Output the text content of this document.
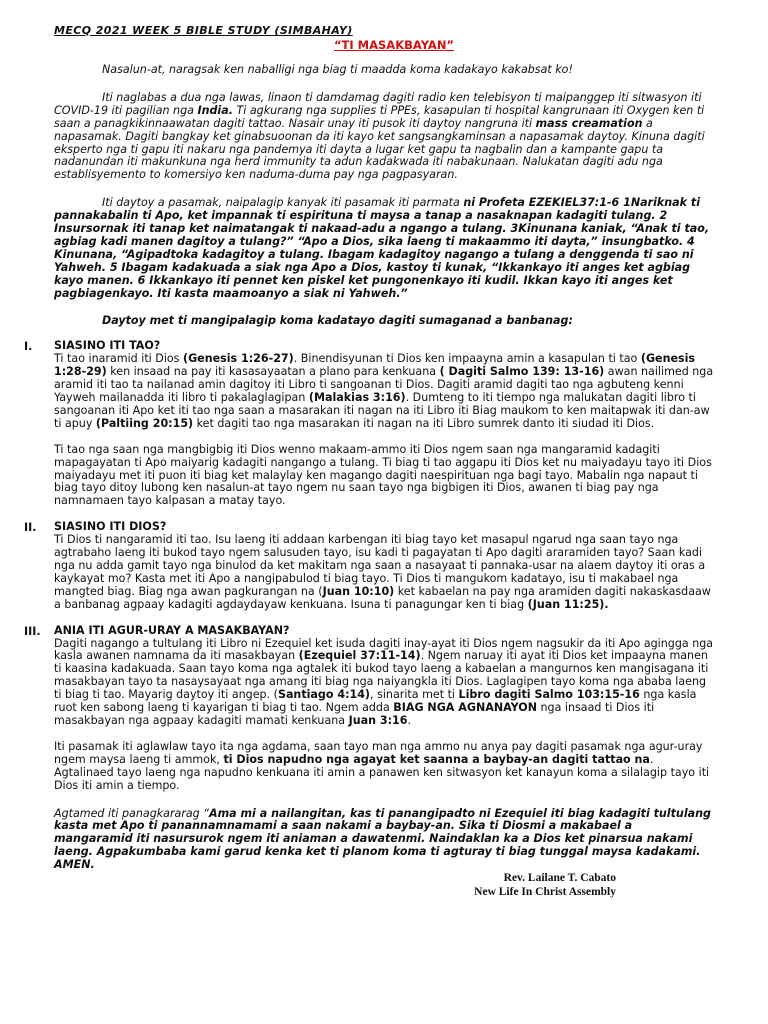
MECQ 2021 WEEK 5 BIBLE STUDY (SIMBAHAY)
“TI MASAKBAYAN”

Nasalun-at, naragsak ken naballigi nga biag ti maadda koma kadakayo kakabsat ko!

Iti naglabas a dua nga lawas, linaon ti damdamag dagiti radio ken telebisyon ti maipanggep iti sitwasyon iti COVID-19 iti pagilian nga India. Ti agkurang nga supplies ti PPEs, kasapulan ti hospital kangrunaan iti Oxygen ken ti saan a panagkikinnaawatan dagiti tattao. Nasair unay iti pusok iti daytoy nangruna iti mass creamation a napasamak. Dagiti bangkay ket ginabsuoonan da iti kayo ket sangsangkaminsan a napasamak daytoy. Kinuna dagiti eksperto nga ti gapu iti nakaru nga pandemya iti dayta a lugar ket gapu ta nagbalin dan a kampante gapu ta nadanundan iti makunkuna nga herd immunity ta adun kadakwada iti nabakunaan. Nalukatan dagiti adu nga establisyemento to komersiyo ken naduma-duma pay nga pagpasyaran.

Iti daytoy a pasamak, naipalagip kanyak iti pasamak iti parmata ni Profeta EZEKIEL37:1-6 1Nariknak ti pannakabalin ti Apo, ket impannak ti espirituna ti maysa a tanap a nasaknapan kadagiti tulang. 2 Insursornak iti tanap ket naimatangak ti nakaad-adu a ngango a tulang. 3Kinunana kaniak, “Anak ti tao, agbiag kadi manen dagitoy a tulang?” “Apo a Dios, sika laeng ti makaammo iti dayta,” insungbatko. 4 Kinunana, “Agipadtoka kadagitoy a tulang. Ibagam kadagitoy nagango a tulang a denggenda ti sao ni Yahweh. 5 Ibagam kadakuada a siak nga Apo a Dios, kastoy ti kunak, “Ikkankayo iti anges ket agbiag kayo manen. 6 Ikkankayo iti pennet ken piskel ket pungonenkayo iti kudil. Ikkan kayo iti anges ket pagbiagenkayo. Iti kasta maamoanyo a siak ni Yahweh.”

Daytoy met ti mangipalagip koma kadatayo dagiti sumaganad a banbanag:

I. SIASINO ITI TAO?

Ti tao inaramid iti Dios (Genesis 1:26-27). Binendisyunan ti Dios ken impaayna amin a kasapulan ti tao (Genesis 1:28-29) ken insaad na pay iti kasasayaatan a plano para kenkuana ( Dagiti Salmo 139: 13-16) awan nailimed nga aramid iti tao ta nailanad amin dagitoy iti Libro ti sangoanan ti Dios. Dagiti aramid dagiti tao nga agbuteng kenni Yayweh mailanadda iti libro ti pakalaglagipan (Malakias 3:16). Dumteng to iti tiempo nga malukatan dagiti libro ti sangoanan iti Apo ket iti tao nga saan a masarakan iti nagan na iti Libro iti Biag maukom to ken maitapwak iti dan-aw ti apuy (Paltiing 20:15) ket dagiti tao nga masarakan iti nagan na iti Libro sumrek danto iti siudad iti Dios.

Ti tao nga saan nga mangbigbig iti Dios wenno makaam-ammo iti Dios ngem saan nga mangaramid kadagiti mapagayatan ti Apo maiyarig kadagiti nangango a tulang. Ti biag ti tao aggapu iti Dios ket nu maiyadayu tayo iti Dios maiyadayu met iti puon iti biag ket malaylay ken magango dagiti naespirituan nga bagi tayo. Mabalin nga napaut ti biag tayo ditoy lubong ken nasalun-at tayo ngem nu saan tayo nga bigbigen iti Dios, awanen ti biag pay nga namnamaen tayo kalpasan a matay tayo.

II. SIASINO ITI DIOS?

Ti Dios ti nangaramid iti tao. Isu laeng iti addaan karbengan iti biag tayo ket masapul ngarud nga saan tayo nga agtrabaho laeng iti bukod tayo ngem salusuden tayo, isu kadi ti pagayatan ti Apo dagiti araramiden tayo? Saan kadi nga nu adda gamit tayo nga binulod da ket makitam nga saan a nasayaat ti pannaka-usar na alaem daytoy iti oras a kaykayat mo? Kasta met iti Apo a nangipabulod ti biag tayo. Ti Dios ti mangukom kadatayo, isu ti makabael nga mangted biag. Biag nga awan pagkurangan na (Juan 10:10) ket kabaelan na pay nga aramiden dagiti nakaskasdaaw a banbanag agpaay kadagiti agdaydayaw kenkuana. Isuna ti panagungar ken ti biag (Juan 11:25).

III. ANIA ITI AGUR-URAY A MASAKBAYAN?

Dagiti nagango a tultulang iti Libro ni Ezequiel ket isuda dagiti inay-ayat iti Dios ngem nagsukir da iti Apo agingga nga kasla awanen namnama da iti masakbayan (Ezequiel 37:11-14). Ngem naruay iti ayat iti Dios ket impaayna manen ti kaasina kadakuada. Saan tayo koma nga agtalek iti bukod tayo laeng a kabaelan a mangurnos ken mangisagana iti masakbayan tayo ta nasaysayaat nga amang iti biag nga naiyangkla iti Dios. Laglagipen tayo koma nga ababa laeng ti biag ti tao. Mayarig daytoy iti angep. (Santiago 4:14), sinarita met ti Libro dagiti Salmo 103:15-16 nga kasla ruot ken sabong laeng ti kayarigan ti biag ti tao. Ngem adda BIAG NGA AGNANAYON nga insaad ti Dios iti masakbayan nga agpaay kadagiti mamati kenkuana Juan 3:16.

Iti pasamak iti aglawlaw tayo ita nga agdama, saan tayo man nga ammo nu anya pay dagiti pasamak nga agur-uray ngem maysa laeng ti ammok, ti Dios napudno nga agayat ket saanna a baybay-an dagiti tattao na. Agtalinaed tayo laeng nga napudno kenkuana iti amin a panawen ken sitwasyon ket kanayun koma a silalagip tayo iti Dios iti amin a tiempo.

Agtamed iti panagkararag “Ama mi a nailangitan, kas ti panangipadto ni Ezequiel iti biag kadagiti tultulang kasta met Apo ti panannamnamami a saan nakami a baybay-an. Sika ti Diosmi a makabael a mangaramid iti nasursurok ngem iti aniaman a dawatenmi. Naindaklan ka a Dios ket pinarsua nakami laeng. Agpakumbaba kami garud kenka ket ti planom koma ti agturay ti biag tunggal maysa kadakami. AMEN.

Rev. Lailane T. Cabato
New Life In Christ Assembly
